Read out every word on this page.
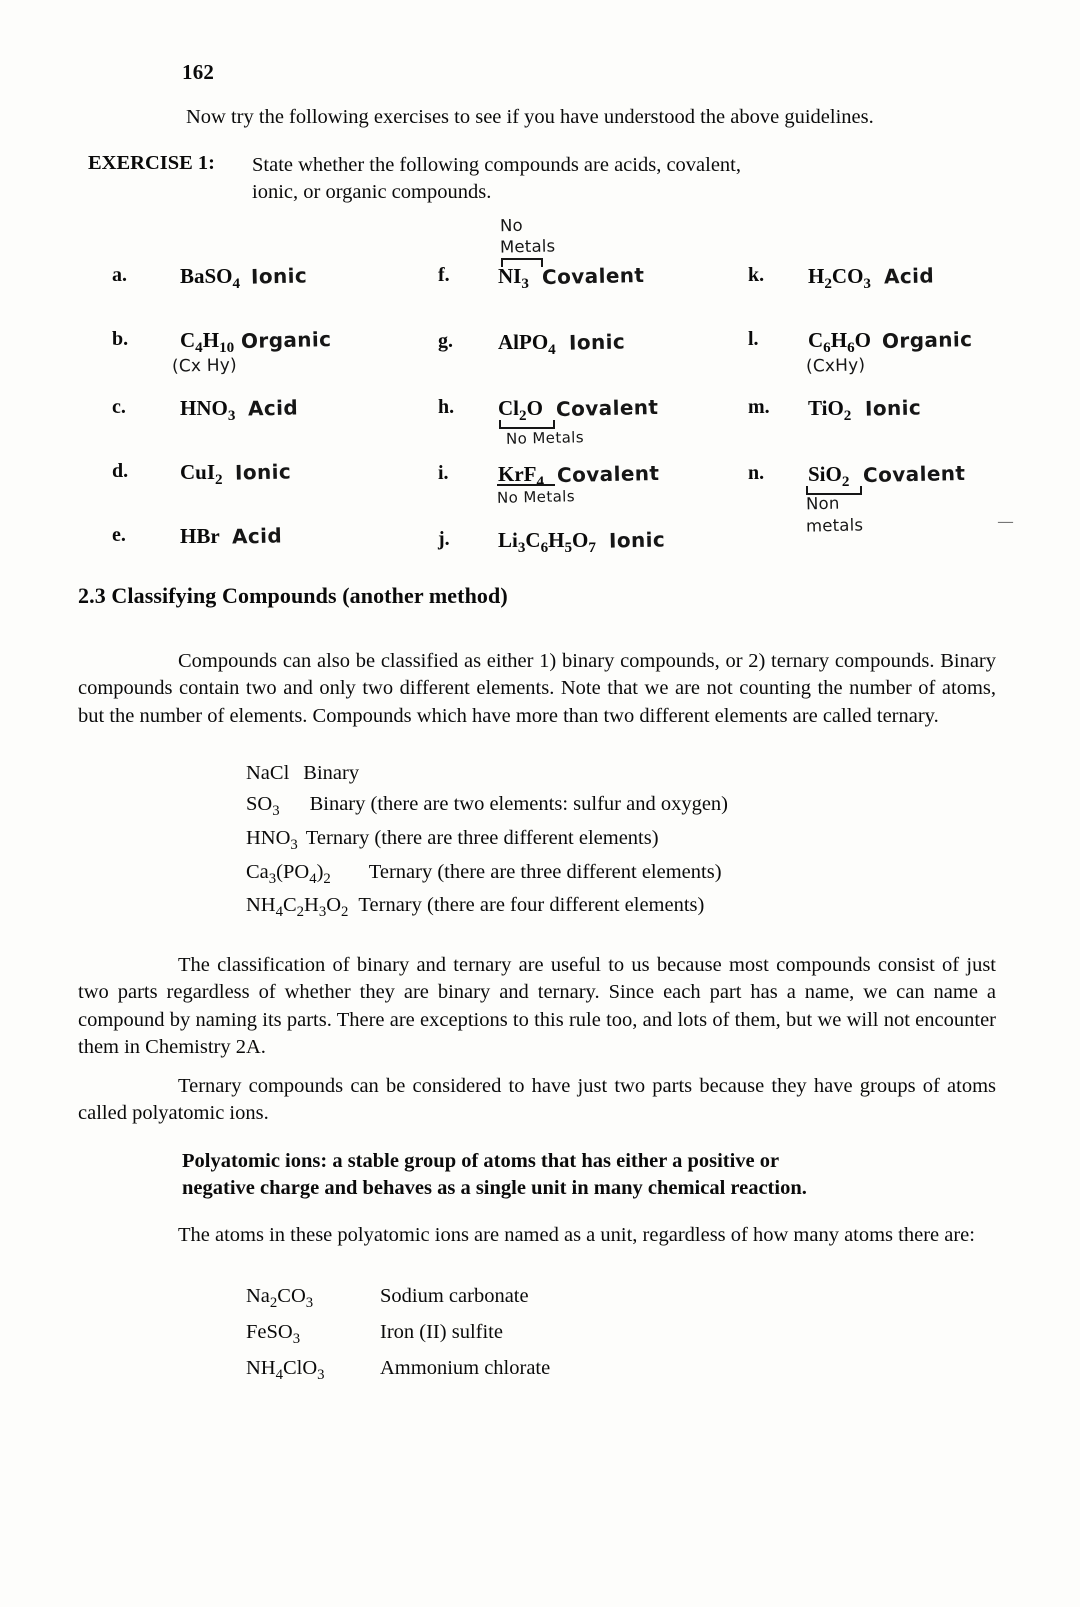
162
Now try the following exercises to see if you have understood the above guidelines.
EXERCISE 1: State whether the following compounds are acids, covalent,
ionic, or organic compounds.
a.	BaSO$_4$ Ionic
b. $C_4H_{10}$ Organic
(Cx Hy)
c.	$HNO_3$ Acid
d. CuI$_2$ Ionic
e.	HBr Acid
No
Metals
f. $NI_3$ Covalent
g. AlPO$_4$ Ionic
h. $Cl_2O$ Covalent
No Metals
i. KrF$_4$ Covalent
No Metals
j. $Li_3C_6H_5O_7$ Ionic
k. $H_2CO_3$ Acid
l. $C_6H_6O$ Organic
(CxHy)
m. TiO$_2$ Ionic
n. SiO$_2$ Covalent
Non
metals	—
2.3 Classifying Compounds (another method)
Compounds can also be classified as either 1) binary compounds, or 2) ternary compounds. Binary compounds contain two and only two different elements. Note that we are not counting the number of atoms, but the number of elements. Compounds which have more than two different elements are called ternary.
NaCl Binary
$SO_3$ Binary (there are two elements: sulfur and oxygen)
$HNO_3$ Ternary (there are three different elements)
$Ca_3(PO_4)_2$ Ternary (there are three different elements)
$NH_4C_2H_3O_2$ Ternary (there are four different elements)
The classification of binary and ternary are useful to us because most compounds consist of just two parts regardless of whether they are binary and ternary. Since each part has a name, we can name a compound by naming its parts. There are exceptions to this rule too, and lots of them, but we will not encounter them in Chemistry 2A.
Ternary compounds can be considered to have just two parts because they have groups of atoms called polyatomic ions.
Polyatomic ions: a stable group of atoms that has either a positive or
negative charge and behaves as a single unit in many chemical reaction.
The atoms in these polyatomic ions are named as a unit, regardless of how many atoms there are:
$Na_2CO_3$	Sodium carbonate
FeSO$_3$	Iron (II) sulfite
$NH_4ClO_3$	Ammonium chlorate
